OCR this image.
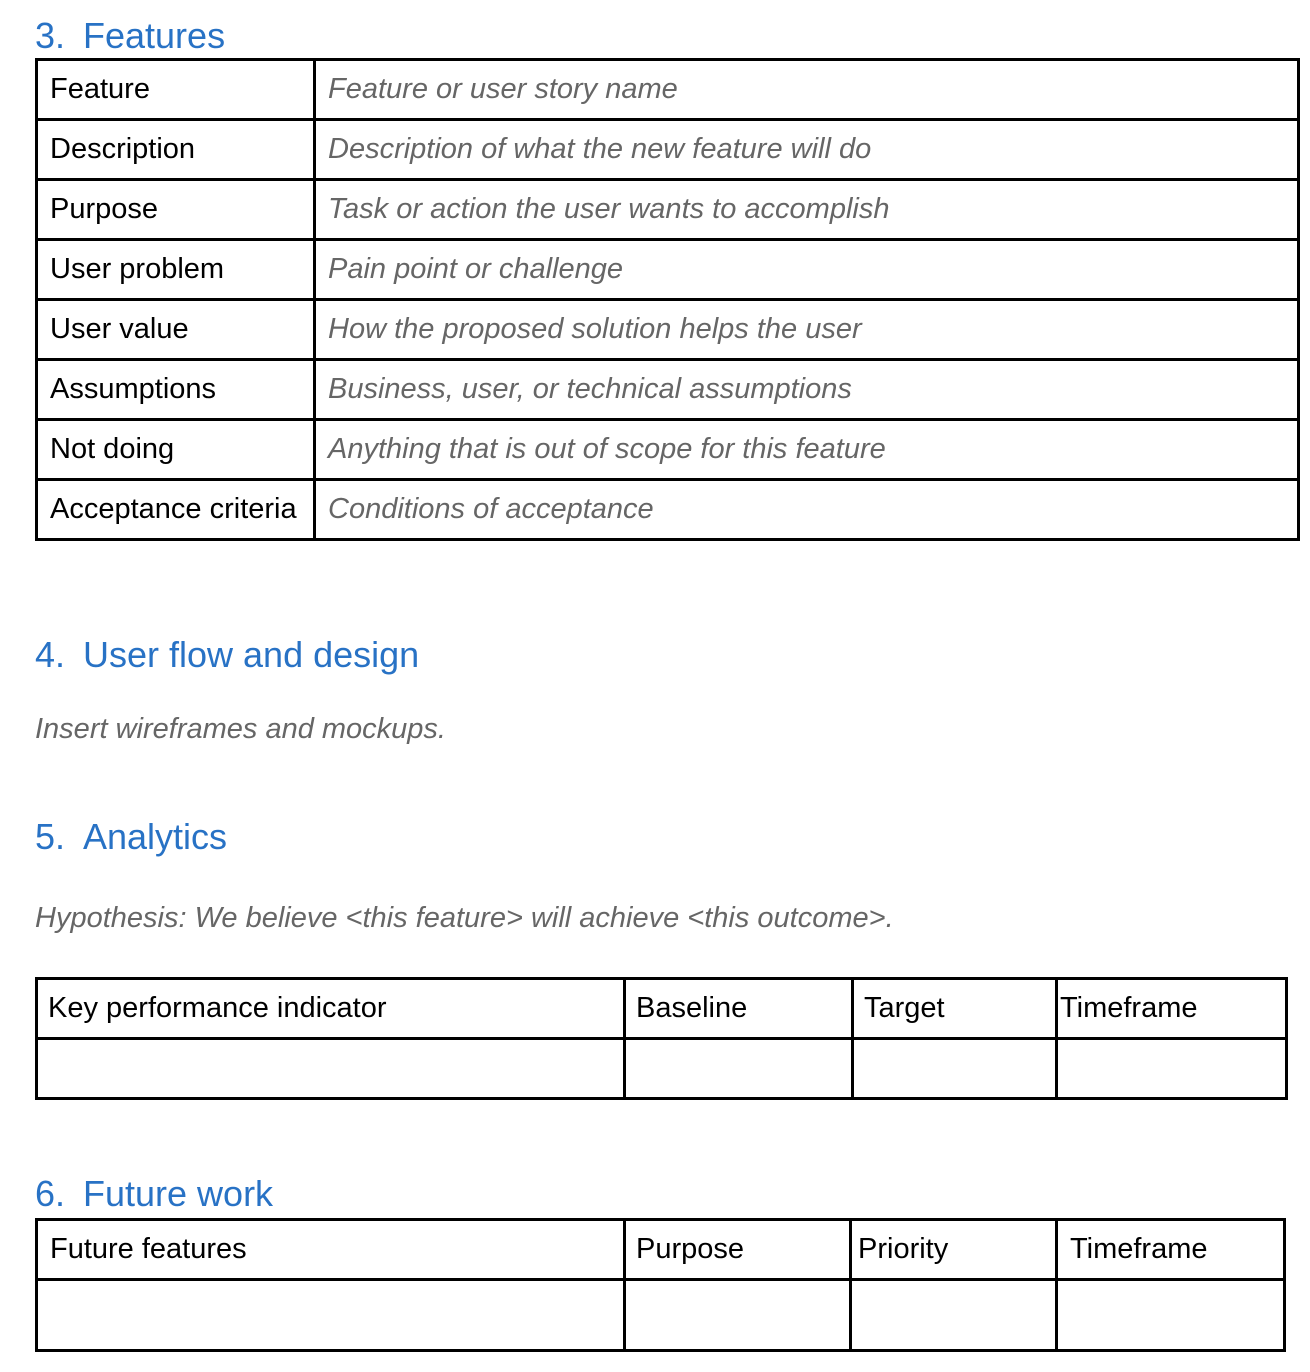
3. Features
Feature	Feature or user story name
Description	Description of what the new feature will do
Purpose	Task or action the user wants to accomplish
User problem	Pain point or challenge
User value	How the proposed solution helps the user
Assumptions	Business, user, or technical assumptions
Not doing	Anything that is out of scope for this feature
Acceptance criteria	Conditions of acceptance
4. User flow and design

Insert wireframes and mockups.

5. Analytics

Hypothesis: We believe <this feature> will achieve <this outcome>.

Key performance indicator	Baseline	Target	Timeframe

6. Future work
Future features	Purpose	Priority	Timeframe
